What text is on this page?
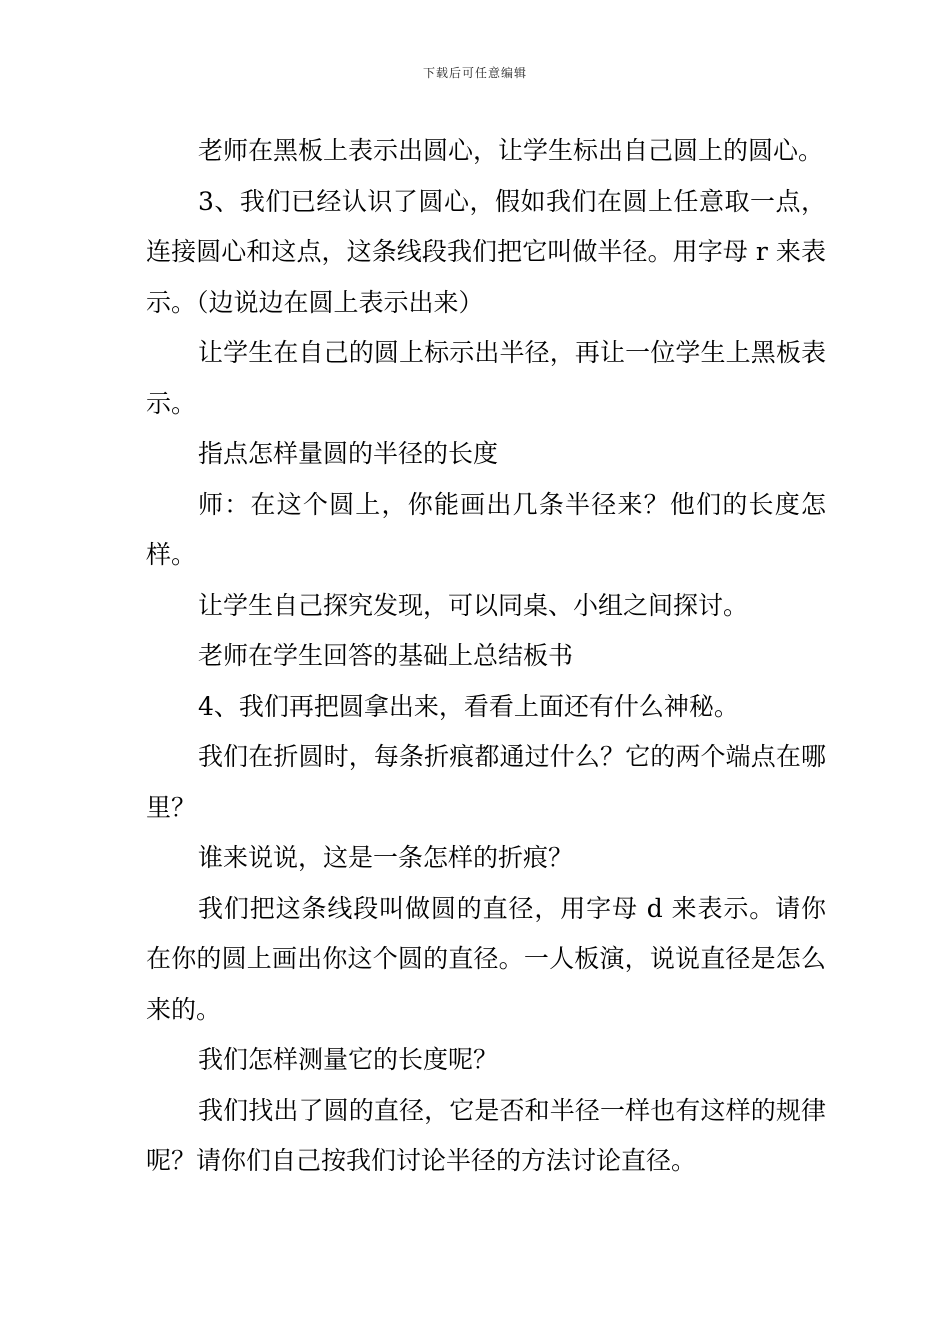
下载后可任意编辑

老师在黑板上表示出圆心，让学生标出自己圆上的圆心。

3、我们已经认识了圆心，假如我们在圆上任意取一点，连接圆心和这点，这条线段我们把它叫做半径。用字母 r 来表示。（边说边在圆上表示出来）

让学生在自己的圆上标示出半径，再让一位学生上黑板表示。

指点怎样量圆的半径的长度

师：在这个圆上，你能画出几条半径来？他们的长度怎样。

让学生自己探究发现，可以同桌、小组之间探讨。

老师在学生回答的基础上总结板书

4、我们再把圆拿出来，看看上面还有什么神秘。

我们在折圆时，每条折痕都通过什么？它的两个端点在哪里？

谁来说说，这是一条怎样的折痕？

我们把这条线段叫做圆的直径，用字母 d 来表示。请你在你的圆上画出你这个圆的直径。一人板演，说说直径是怎么来的。

我们怎样测量它的长度呢？

我们找出了圆的直径，它是否和半径一样也有这样的规律呢？请你们自己按我们讨论半径的方法讨论直径。
